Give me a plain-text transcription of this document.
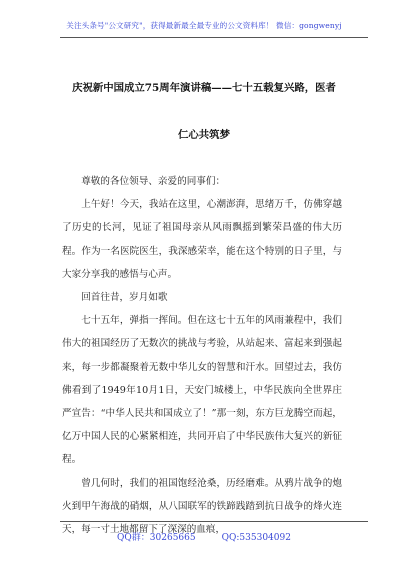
关注头条号"公文研究"，获得最新最全最专业的公文资料库！ 微信：gongwenyj
庆祝新中国成立75周年演讲稿——七十五载复兴路，医者
仁心共筑梦

尊敬的各位领导、亲爱的同事们：

上午好！今天，我站在这里，心潮澎湃，思绪万千，仿佛穿越了历史的长河，见证了祖国母亲从风雨飘摇到繁荣昌盛的伟大历程。作为一名医院医生，我深感荣幸，能在这个特别的日子里，与大家分享我的感悟与心声。

回首往昔，岁月如歌

七十五年，弹指一挥间。但在这七十五年的风雨兼程中，我们伟大的祖国经历了无数次的挑战与考验，从站起来、富起来到强起来，每一步都凝聚着无数中华儿女的智慧和汗水。回望过去，我仿佛看到了1949年10月1日，天安门城楼上，中华民族向全世界庄严宣告：“中华人民共和国成立了！”那一刻，东方巨龙腾空而起，亿万中国人民的心紧紧相连，共同开启了中华民族伟大复兴的新征程。

曾几何时，我们的祖国饱经沧桑，历经磨难。从鸦片战争的炮火到甲午海战的硝烟，从八国联军的铁蹄践踏到抗日战争的烽火连天，每一寸土地都留下了深深的血痕，

QQ群：30265665	QQ:535304092
